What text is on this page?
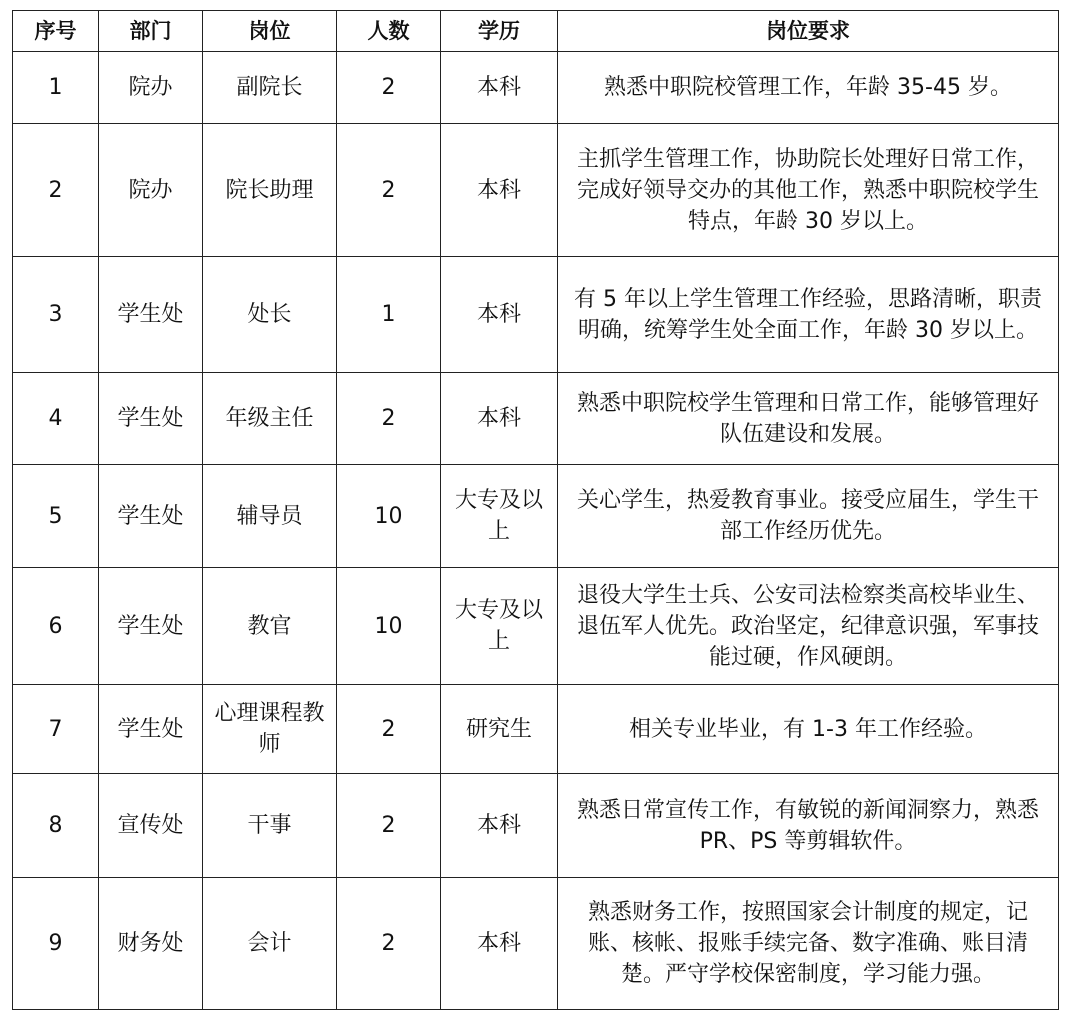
序号	部门	岗位	人数	学历	岗位要求
1	院办	副院长	2	本科	熟悉中职院校管理工作，年龄 35-45 岁。
2	院办	院长助理	2	本科	主抓学生管理工作，协助院长处理好日常工作，完成好领导交办的其他工作，熟悉中职院校学生特点，年龄 30 岁以上。
3	学生处	处长	1	本科	有 5 年以上学生管理工作经验，思路清晰，职责明确，统筹学生处全面工作，年龄 30 岁以上。
4	学生处	年级主任	2	本科	熟悉中职院校学生管理和日常工作，能够管理好队伍建设和发展。
5	学生处	辅导员	10	大专及以上	关心学生，热爱教育事业。接受应届生，学生干部工作经历优先。
6	学生处	教官	10	大专及以上	退役大学生士兵、公安司法检察类高校毕业生、退伍军人优先。政治坚定，纪律意识强，军事技能过硬，作风硬朗。
7	学生处	心理课程教师	2	研究生	相关专业毕业，有 1-3 年工作经验。
8	宣传处	干事	2	本科	熟悉日常宣传工作，有敏锐的新闻洞察力，熟悉 PR、PS 等剪辑软件。
9	财务处	会计	2	本科	熟悉财务工作，按照国家会计制度的规定，记账、核帐、报账手续完备、数字准确、账目清楚。严守学校保密制度，学习能力强。
